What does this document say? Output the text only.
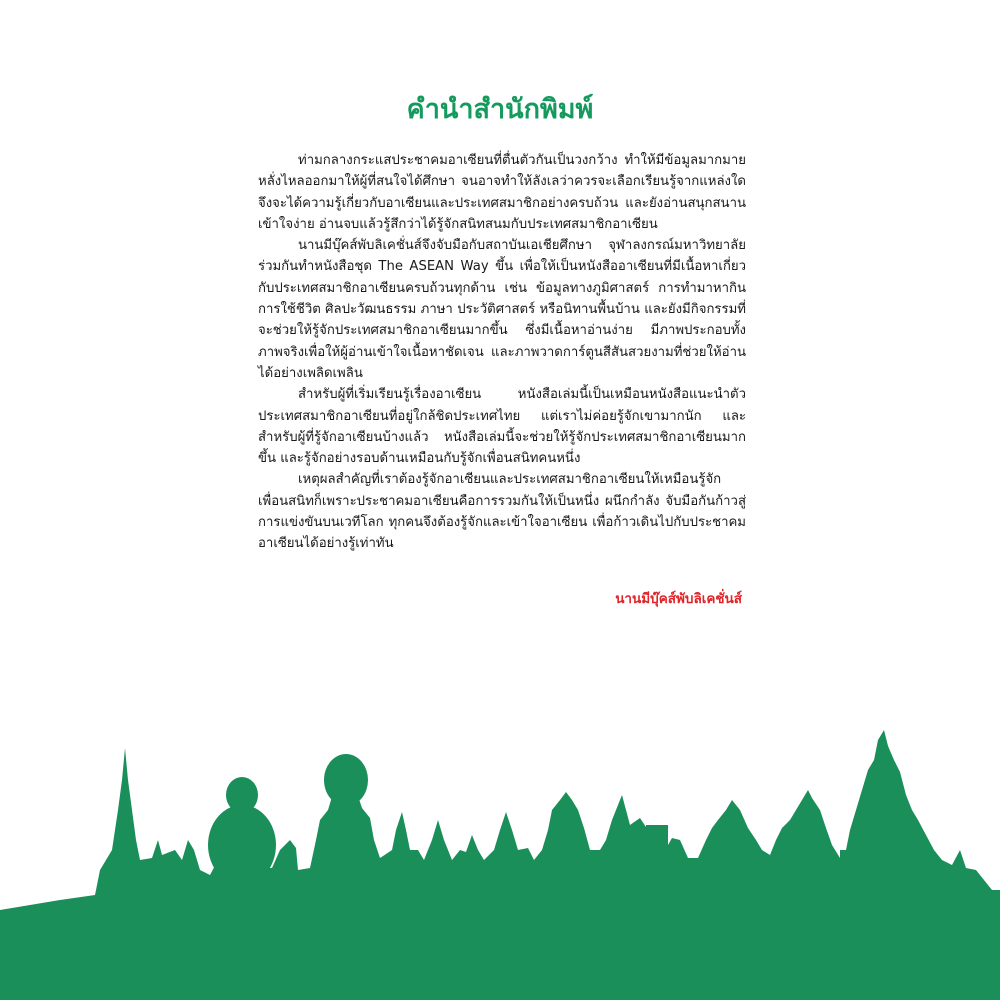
คำนำสำนักพิมพ์

ท่ามกลางกระแสประชาคมอาเซียนที่ตื่นตัวกันเป็นวงกว้าง ทำให้มีข้อมูลมากมายหลั่งไหลออกมาให้ผู้ที่สนใจได้ศึกษา จนอาจทำให้ลังเลว่าควรจะเลือกเรียนรู้จากแหล่งใด จึงจะได้ความรู้เกี่ยวกับอาเซียนและประเทศสมาชิกอย่างครบถ้วน และยังอ่านสนุกสนาน เข้าใจง่าย อ่านจบแล้วรู้สึกว่าได้รู้จักสนิทสนมกับประเทศสมาชิกอาเซียน

นานมีบุ๊คส์พับลิเคชั่นส์จึงจับมือกับสถาบันเอเชียศึกษา จุฬาลงกรณ์มหาวิทยาลัย ร่วมกันทำหนังสือชุด The ASEAN Way ขึ้น เพื่อให้เป็นหนังสืออาเซียนที่มีเนื้อหาเกี่ยวกับประเทศสมาชิกอาเซียนครบถ้วนทุกด้าน เช่น ข้อมูลทางภูมิศาสตร์ การทำมาหากิน การใช้ชีวิต ศิลปะวัฒนธรรม ภาษา ประวัติศาสตร์ หรือนิทานพื้นบ้าน และยังมีกิจกรรมที่จะช่วยให้รู้จักประเทศสมาชิกอาเซียนมากขึ้น ซึ่งมีเนื้อหาอ่านง่าย มีภาพประกอบทั้งภาพจริงเพื่อให้ผู้อ่านเข้าใจเนื้อหาชัดเจน และภาพวาดการ์ตูนสีสันสวยงามที่ช่วยให้อ่านได้อย่างเพลิดเพลิน

สำหรับผู้ที่เริ่มเรียนรู้เรื่องอาเซียน หนังสือเล่มนี้เป็นเหมือนหนังสือแนะนำตัวประเทศสมาชิกอาเซียนที่อยู่ใกล้ชิดประเทศไทย แต่เราไม่ค่อยรู้จักเขามากนัก และสำหรับผู้ที่รู้จักอาเซียนบ้างแล้ว หนังสือเล่มนี้จะช่วยให้รู้จักประเทศสมาชิกอาเซียนมากขึ้น และรู้จักอย่างรอบด้านเหมือนกับรู้จักเพื่อนสนิทคนหนึ่ง

เหตุผลสำคัญที่เราต้องรู้จักอาเซียนและประเทศสมาชิกอาเซียนให้เหมือนรู้จักเพื่อนสนิทก็เพราะประชาคมอาเซียนคือการรวมกันให้เป็นหนึ่ง ผนึกกำลัง จับมือกันก้าวสู่การแข่งขันบนเวทีโลก ทุกคนจึงต้องรู้จักและเข้าใจอาเซียน เพื่อก้าวเดินไปกับประชาคมอาเซียนได้อย่างรู้เท่าทัน

นานมีบุ๊คส์พับลิเคชั่นส์
